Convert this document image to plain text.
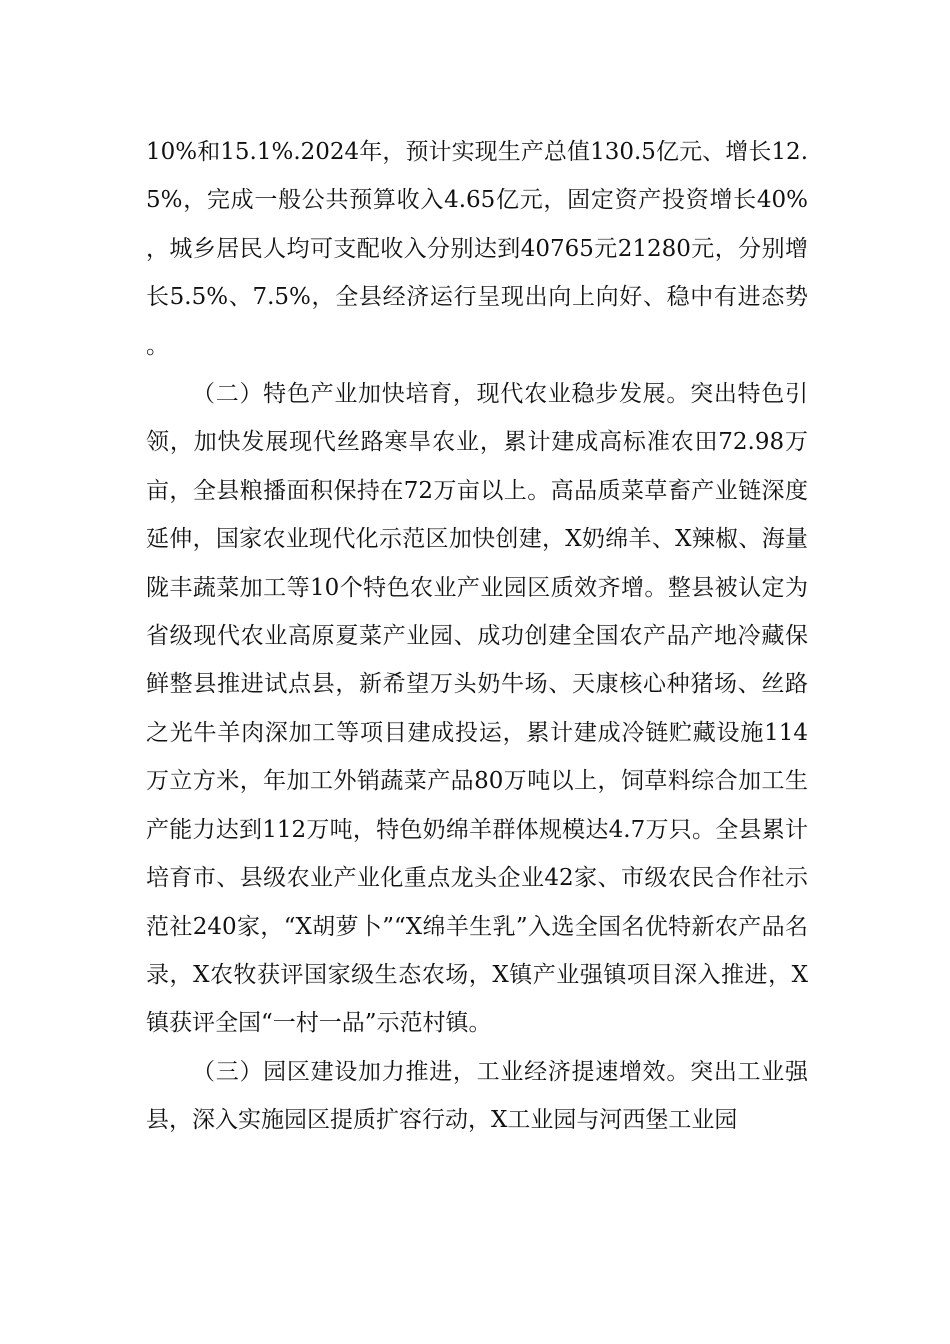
10%和15.1%.2024年，预计实现生产总值130.5亿元、增长12.5%，完成一般公共预算收入4.65亿元，固定资产投资增长40%，城乡居民人均可支配收入分别达到40765元21280元，分别增长5.5%、7.5%，全县经济运行呈现出向上向好、稳中有进态势。

（二）特色产业加快培育，现代农业稳步发展。突出特色引领，加快发展现代丝路寒旱农业，累计建成高标准农田72.98万亩，全县粮播面积保持在72万亩以上。高品质菜草畜产业链深度延伸，国家农业现代化示范区加快创建，X奶绵羊、X辣椒、海量陇丰蔬菜加工等10个特色农业产业园区质效齐增。整县被认定为省级现代农业高原夏菜产业园、成功创建全国农产品产地冷藏保鲜整县推进试点县，新希望万头奶牛场、天康核心种猪场、丝路之光牛羊肉深加工等项目建成投运，累计建成冷链贮藏设施114万立方米，年加工外销蔬菜产品80万吨以上，饲草料综合加工生产能力达到112万吨，特色奶绵羊群体规模达4.7万只。全县累计培育市、县级农业产业化重点龙头企业42家、市级农民合作社示范社240家，“X胡萝卜”“X绵羊生乳”入选全国名优特新农产品名录，X农牧获评国家级生态农场，X镇产业强镇项目深入推进，X镇获评全国“一村一品”示范村镇。

（三）园区建设加力推进，工业经济提速增效。突出工业强县，深入实施园区提质扩容行动，X工业园与河西堡工业园
